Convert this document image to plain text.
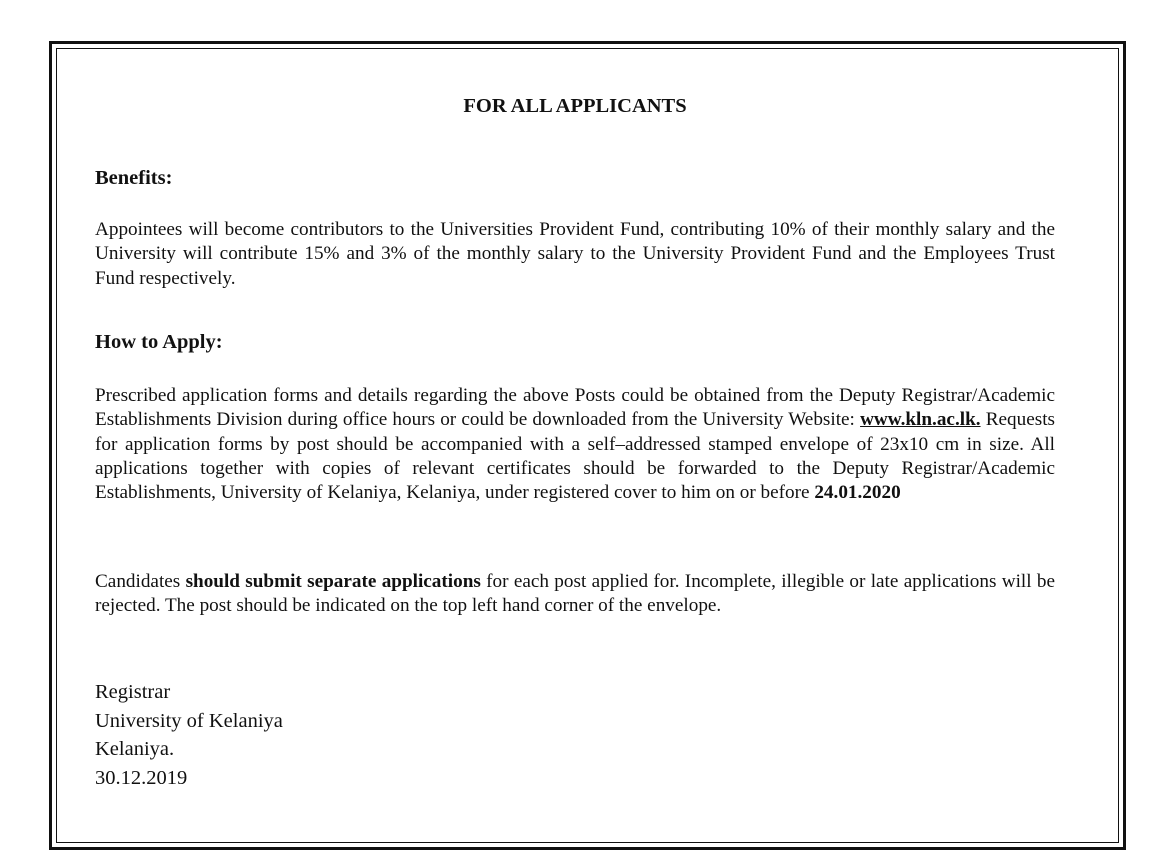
FOR ALL APPLICANTS
Benefits:

Appointees will become contributors to the Universities Provident Fund, contributing 10% of their monthly salary and the University will contribute 15% and 3% of the monthly salary to the University Provident Fund and the Employees Trust Fund respectively.

How to Apply:

Prescribed application forms and details regarding the above Posts could be obtained from the Deputy Registrar/Academic Establishments Division during office hours or could be downloaded from the University Website: www.kln.ac.lk. Requests for application forms by post should be accompanied with a self–addressed stamped envelope of 23x10 cm in size. All applications together with copies of relevant certificates should be forwarded to the Deputy Registrar/Academic Establishments, University of Kelaniya, Kelaniya, under registered cover to him on or before 24.01.2020

Candidates should submit separate applications for each post applied for. Incomplete, illegible or late applications will be rejected. The post should be indicated on the top left hand corner of the envelope.

Registrar
University of Kelaniya
Kelaniya.
30.12.2019
